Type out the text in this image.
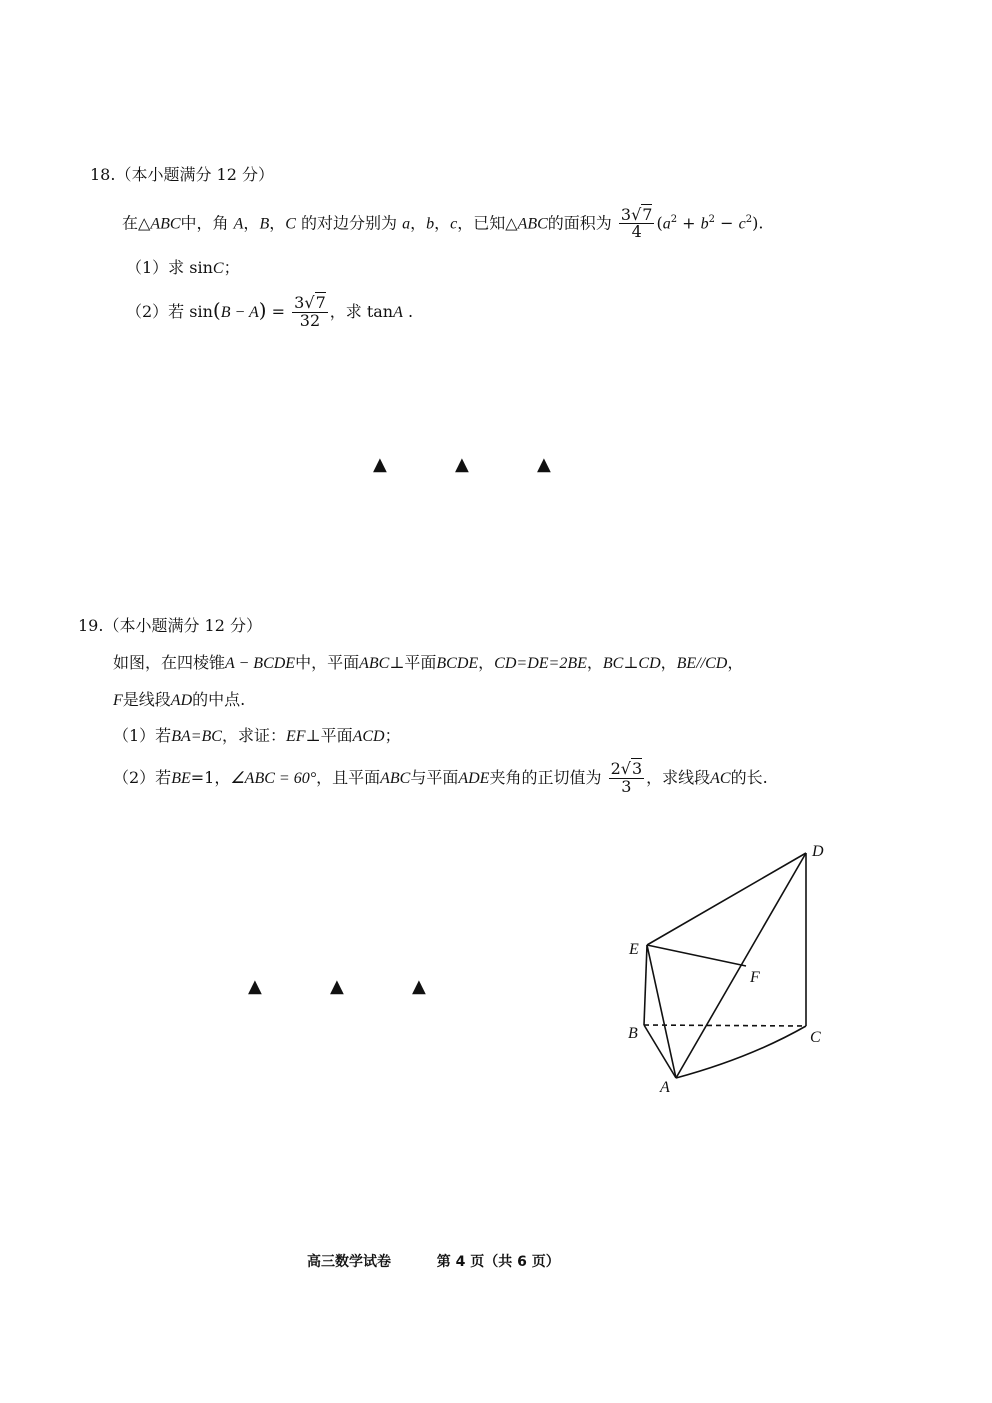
18.（本小题满分 12 分）
在△ABC中，角 A，B，C 的对边分别为 a，b，c，已知△ABC的面积为 $\frac{3√7}{4} (a^2 + b^2 - c^2)$.
（1）求 sinC；
（2）若 $\sin(B - A) = \frac{3√7}{32}$ ，求 tanA .
▲	▲	▲
19.（本小题满分 12 分）
如图，在四棱锥A − BCDE中，平面ABC⊥平面BCDE，CD=DE=2BE，BC⊥CD，BE//CD，
F是线段AD的中点.
（1）若BA=BC，求证：EF⊥平面ACD；
（2）若BE=1，∠ABC = 60°，且平面ABC与平面ADE夹角的正切值为 $\frac{2√3}{3}$ ，求线段AC的长.
▲	▲	▲
D
E
F
B	C
A
高三数学试卷	第 4 页（共 6 页）
